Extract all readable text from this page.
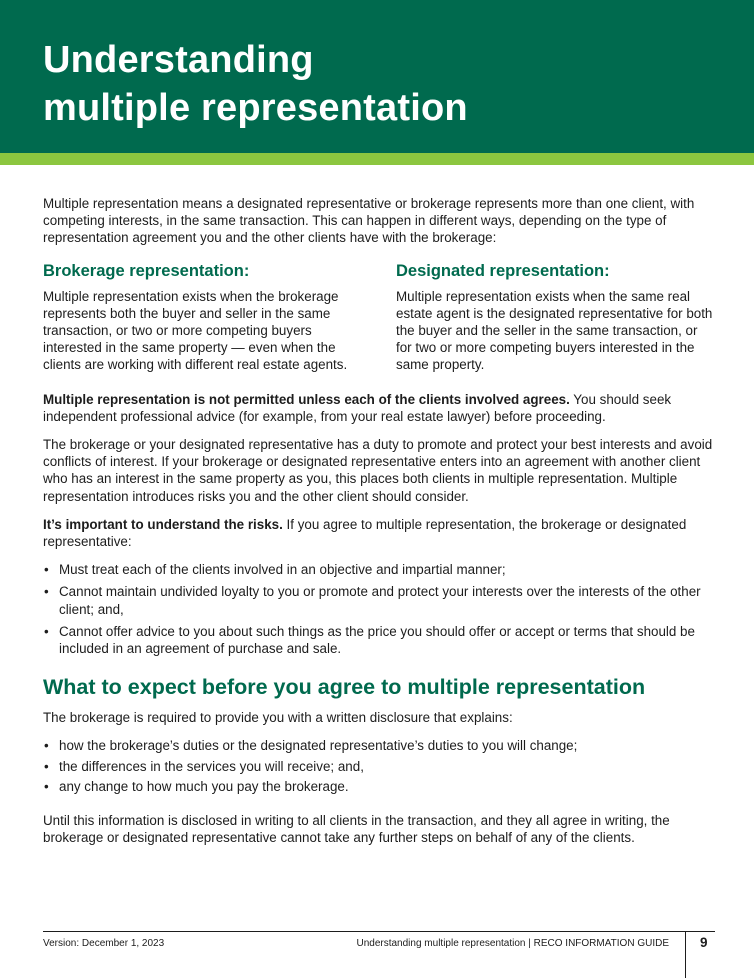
Understanding
multiple representation

Multiple representation means a designated representative or brokerage represents more than one client, with competing interests, in the same transaction. This can happen in different ways, depending on the type of representation agreement you and the other clients have with the brokerage:

Brokerage representation:

Multiple representation exists when the brokerage represents both the buyer and seller in the same transaction, or two or more competing buyers interested in the same property — even when the clients are working with different real estate agents.

Designated representation:

Multiple representation exists when the same real estate agent is the designated representative for both the buyer and the seller in the same transaction, or for two or more competing buyers interested in the same property.

Multiple representation is not permitted unless each of the clients involved agrees. You should seek independent professional advice (for example, from your real estate lawyer) before proceeding.

The brokerage or your designated representative has a duty to promote and protect your best interests and avoid conflicts of interest. If your brokerage or designated representative enters into an agreement with another client who has an interest in the same property as you, this places both clients in multiple representation. Multiple representation introduces risks you and the other client should consider.

It’s important to understand the risks. If you agree to multiple representation, the brokerage or designated representative:

• Must treat each of the clients involved in an objective and impartial manner;
• Cannot maintain undivided loyalty to you or promote and protect your interests over the interests of the other client; and,
• Cannot offer advice to you about such things as the price you should offer or accept or terms that should be included in an agreement of purchase and sale.
What to expect before you agree to multiple representation

The brokerage is required to provide you with a written disclosure that explains:

• how the brokerage’s duties or the designated representative’s duties to you will change;
• the differences in the services you will receive; and,
• any change to how much you pay the brokerage.

Until this information is disclosed in writing to all clients in the transaction, and they all agree in writing, the brokerage or designated representative cannot take any further steps on behalf of any of the clients.

Version: December 1, 2023	Understanding multiple representation | RECO INFORMATION GUIDE 9
